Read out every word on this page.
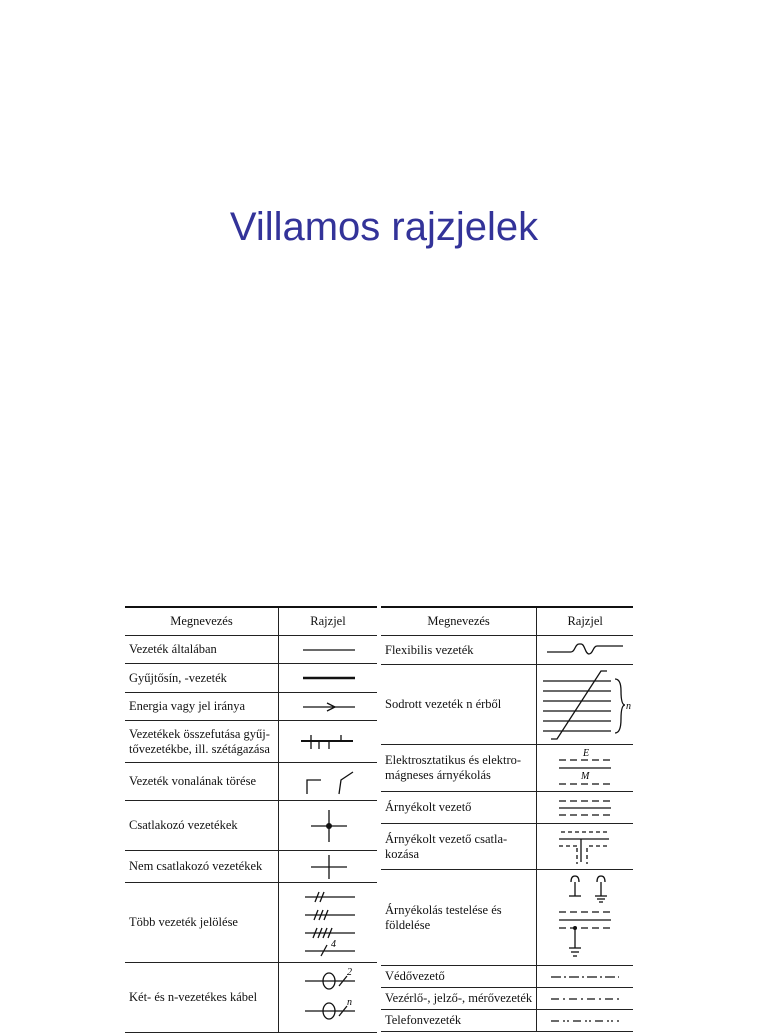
Villamos rajzjelek
Megnevezés	Rajzjel
Vezeték általában	

Gyűjtősín, -vezeték	

Energia vagy jel iránya	

Vezetékek összefutása gyűj-tővezetékbe, ill. szétágazása	

Vezeték vonalának törése	

Csatlakozó vezetékek	

Nem csatlakozó vezetékek	

Több vezeték jelölése	4

Két- és n-vezetékes kábel	2
n
Megnevezés	Rajzjel
Flexibilis vezeték	

Sodrott vezeték n érből	n

Elektrosztatikus és elektro-mágneses árnyékolás	E
M

Árnyékolt vezető	

Árnyékolt vezető csatla-kozása	

Árnyékolás testelése és földelése	

Védővezető	

Vezérlő-, jelző-, mérővezeték	

Telefonvezeték	
